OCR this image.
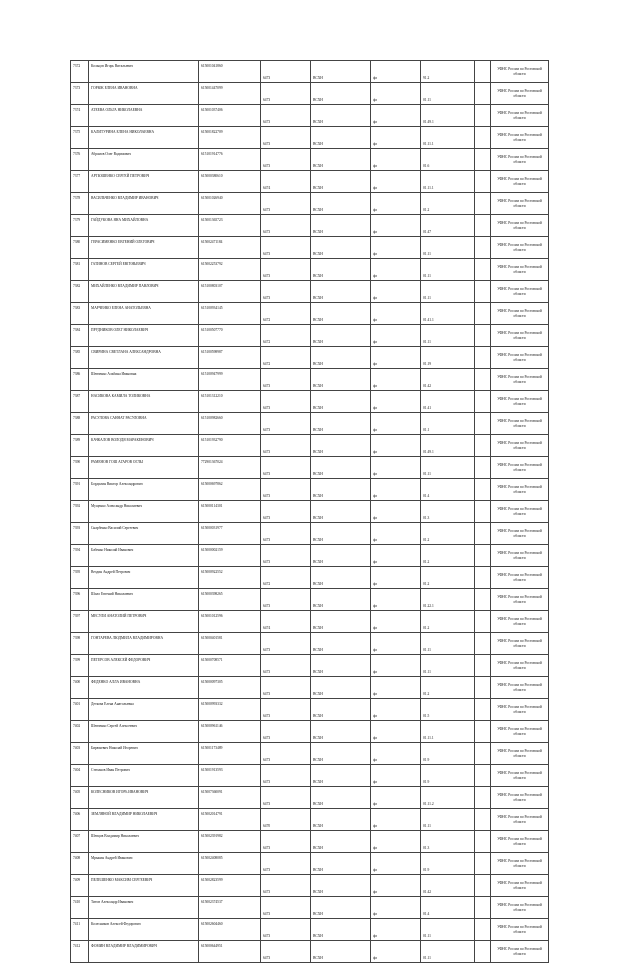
7372	Кольцов Игорь Витальевич	615001041860	6473	ВСХН	фл	91.2		УФНС России по Ростовской области
7373	ГОРЮК ЕЛЕНА ИВАНОВНА	615001447099	6473	ВСХН	фл	01.11		УФНС России по Ростовской области
7374	АТЕЕВА ОЛЬГА НИКОЛАЕВНА	615001037406	6473	ВСХН	фл	01.49.1		УФНС России по Ростовской области
7375	КАЛИТУРИНА ЕЛЕНА НИКОЛАЕВНА	615001822709	6473	ВСХН	фл	01.11.1		УФНС России по Ростовской области
7376	Абрамов Олег Вадимович	615101914776	6473	ВСХН	фл	01.6		УФНС России по Ростовской области
7377	АРТЮШЕНКО СЕРГЕЙ ПЕТРОВИЧ	615000380610	6474	ВСХН	фл	01.11.1		УФНС России по Ростовской области
7378	ВАСИЛЬЧЕНКО ВЛАДИМИР ИВАНОВИЧ	615001026940	6473	ВСХН	фл	01.2		УФНС России по Ростовской области
7379	ГАЙДУКОВА ЯНА МИХАЙЛОВНА	615001365723	6473	ВСХН	фл	01.47		УФНС России по Ростовской области
7380	ГЕРАСИМЕНКО ЕВГЕНИЙ ОЛЕГОВИЧ	615002471184	6473	ВСХН	фл	01.11		УФНС России по Ростовской области
7381	ГАТИНОВ СЕРГЕЙ ЕВГЕНЬЕВИЧ	615002253792	6473	ВСХН	фл	01.11		УФНС России по Ростовской области
7382	МИХАЙЛЕНКО ВЛАДИМИР ПАВЛОВИЧ	615100803107	6473	ВСХН	фл	01.11		УФНС России по Ростовской области
7383	МАРЧЕНКО ЕЛЕНА АНАТОЛЬЕВНА	615100934145	6472	ВСХН	фл	01.41.1		УФНС России по Ростовской области
7384	ПРУДНИКОВ ОЛЕГ НИКОЛАЕВИЧ	615100507770	6472	ВСХН	фл	01.11		УФНС России по Ростовской области
7385	СВИРИНА СВЕТЛАНА АЛЕКСАНДРОВНА	615100598987	6472	ВСХН	фл	01.19		УФНС России по Ростовской области
7386	Шевченко Альбина Ивановна	615100947999	6473	ВСХН	фл	01.42		УФНС России по Ростовской области
7387	НАСИКОВА КАМИЛА ТОЛИКОВНА	615101312210	6473	ВСХН	фл	01.41		УФНС России по Ростовской области
7388	РАСУЛОВА САННАТ РАСУЛОВНА	615100982660	6473	ВСХН	фл	01.1		УФНС России по Ростовской области
7389	КАЧКАЛОВ ВОЛОДЯ МАРАКЕНОВИЧ	615101932790	6473	ВСХН	фл	01.49.1		УФНС России по Ростовской области
7390	РАМЕНОВ ГОШ АГАРОВ ОГЛЫ	772901367024	6473	ВСХН	фл	01.11		УФНС России по Ростовской области
7391	Бордилин Виктор Александрович	615000697862	6473	ВСХН	фл	01.4		УФНС России по Ростовской области
7392	Мущенко Александр Николаевич	615000114301	6473	ВСХН	фл	01.3		УФНС России по Ростовской области
7393	Снарбенко Василий Сергеевич	615000031977	6473	ВСХН	фл	01.2		УФНС России по Ростовской области
7394	Бабенко Николай Иванович	615000002159	6473	ВСХН	фл	01.2		УФНС России по Ростовской области
7395	Вездин Андрей Петрович	615000922552	6472	ВСХН	фл	01.2		УФНС России по Ростовской области
7396	Шило Евгений Николаевич	615000398265	6473	ВСХН	фл	01.22.1		УФНС России по Ростовской области
7397	МЕСУЛИ АНАТОЛИЙ ПЕТРОВИЧ	615001012596	6474	ВСХН	фл	01.2		УФНС России по Ростовской области
7398	ГОНТАРЕВА ЛЮДМИЛА ВЛАДИМИРОВНА	615000401581	6473	ВСХН	фл	01.11		УФНС России по Ростовской области
7399	ПЕТЕРСОВ АЛЕКСЕЙ ФЕДОРОВИЧ	615000708571	6473	ВСХН	фл	01.11		УФНС России по Ростовской области
7400	ФЕДЕНКО АЛЛА ИВАНОВНА	615000097305	6473	ВСХН	фл	01.2		УФНС России по Ростовской области
7401	Деткова Елена Анатольевна	615000993332	6473	ВСХН	фл	01.5		УФНС России по Ростовской области
7402	Шевченко Сергей Алексеевич	615000961146	6473	ВСХН	фл	01.11.1		УФНС России по Ростовской области
7403	Бирюкевич Николай Игоревич	615001173489	6473	ВСХН	фл	01.9		УФНС России по Ростовской области
7404	Степанов Иван Петрович	615001913593	6473	ВСХН	фл	01.9		УФНС России по Ростовской области
7405	КОЛЕСНИКОВ ИГОРЬ ИВАНОВИЧ	615007360091	6473	ВСХН	фл	01.11.2		УФНС России по Ростовской области
7406	ЗЕМЛЯНОЙ ВЛАДИМИР НИКОЛАЕВИЧ	615002014791	6470	ВСХН	фл	01.11		УФНС России по Ростовской области
7407	Шевцов Владимир Николаевич	615002391982	6473	ВСХН	фл	01.3		УФНС России по Ростовской области
7408	Мрыкин Андрей Иванович	615002408085	6473	ВСХН	фл	01.9		УФНС России по Ростовской области
7409	ПЕЛЕШЕНКО МАКСИМ СЕРГЕЕВИЧ	615002823599	6473	ВСХН	фл	01.42		УФНС России по Ростовской области
7410	Титов Александр Иванович	615002374537	6473	ВСХН	фл	01.4		УФНС России по Ростовской области
7411	Колесников Алексей Федорович	615002604460	6473	ВСХН	фл	01.11		УФНС России по Ростовской области
7412	ФОМИН ВЛАДИМИР ВЛАДИМИРОВИЧ	615000644951	6473	ВСХН	фл	01.11		УФНС России по Ростовской области
